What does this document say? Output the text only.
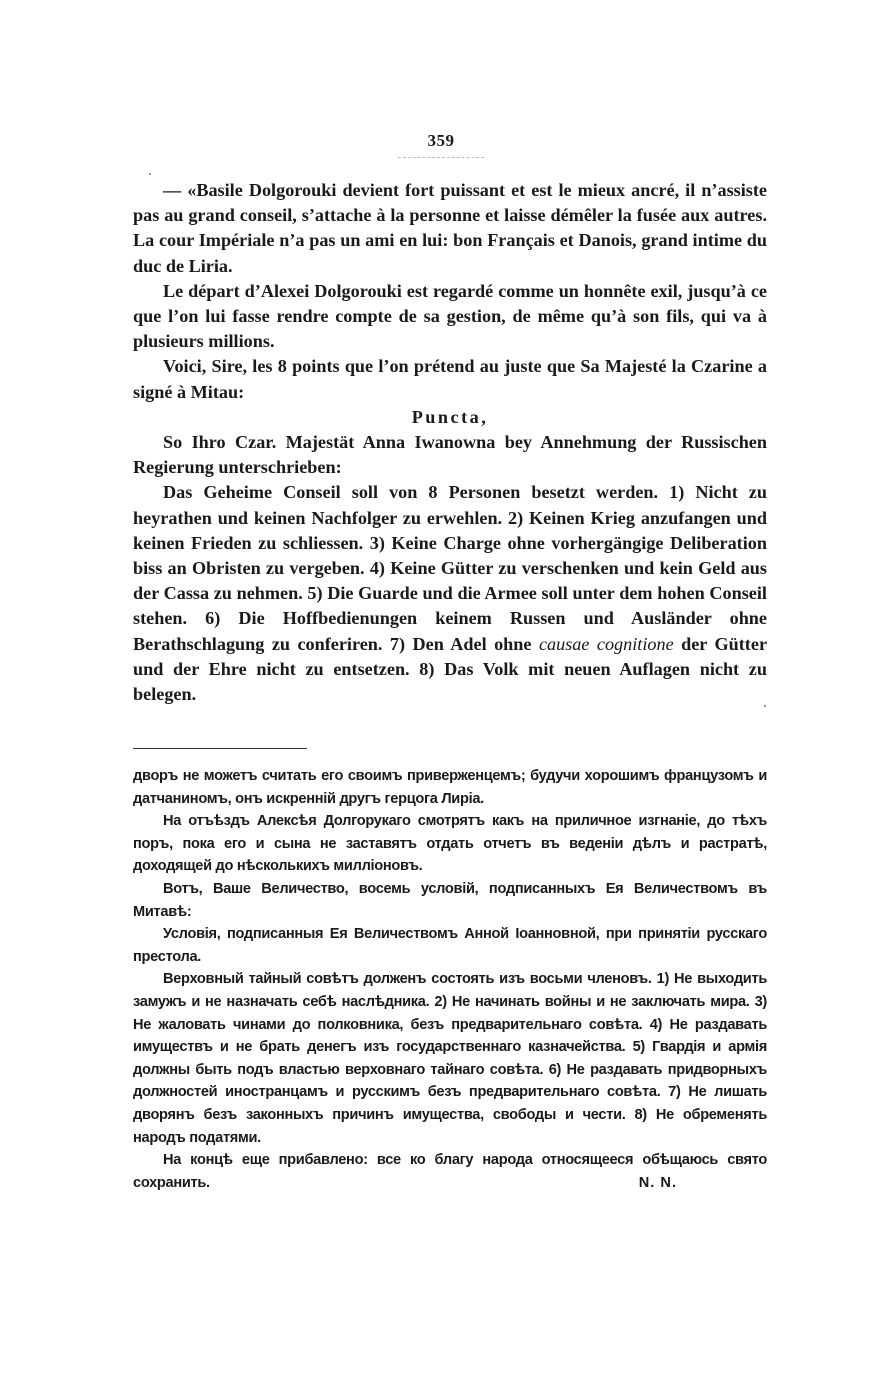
359

— «Basile Dolgorouki devient fort puissant et est le mieux ancré, il n’assiste pas au grand conseil, s’attache à la personne et laisse démêler la fusée aux autres. La cour Impériale n’a pas un ami en lui: bon Français et Danois, grand intime du duc de Liria.

Le départ d’Alexei Dolgorouki est regardé comme un honnête exil, jusqu’à ce que l’on lui fasse rendre compte de sa gestion, de même qu’à son fils, qui va à plusieurs millions.

Voici, Sire, les 8 points que l’on prétend au juste que Sa Majesté la Czarine a signé à Mitau:

Puncta,

So Ihro Czar. Majestät Anna Iwanowna bey Annehmung der Russischen Regierung unterschrieben:

Das Geheime Conseil soll von 8 Personen besetzt werden. 1) Nicht zu heyrathen und keinen Nachfolger zu erwehlen. 2) Keinen Krieg anzufangen und keinen Frieden zu schliessen. 3) Keine Charge ohne vorhergängige Deliberation biss an Obristen zu vergeben. 4) Keine Gütter zu verschenken und kein Geld aus der Cassa zu nehmen. 5) Die Guarde und die Armee soll unter dem hohen Conseil stehen. 6) Die Hoffbedienungen keinem Russen und Ausländer ohne Berathschlagung zu conferiren. 7) Den Adel ohne causae cognitione der Gütter und der Ehre nicht zu entsetzen. 8) Das Volk mit neuen Auflagen nicht zu belegen.

дворъ не можетъ считать его своимъ приверженцемъ; будучи хорошимъ французомъ и датчаниномъ, онъ искренній другъ герцога Лиріа.

На отъѣздъ Алексѣя Долгорукаго смотрятъ какъ на приличное изгнаніе, до тѣхъ поръ, пока его и сына не заставятъ отдать отчетъ въ веденіи дѣлъ и растратѣ, доходящей до нѣсколькихъ милліоновъ.

Вотъ, Ваше Величество, восемь условій, подписанныхъ Ея Величествомъ въ Митавѣ:

Условія, подписанныя Ея Величествомъ Анной Іоанновной, при принятіи русскаго престола.

Верховный тайный совѣтъ долженъ состоять изъ восьми членовъ. 1) Не выходить замужъ и не назначать себѣ наслѣдника. 2) Не начинать войны и не заключать мира. 3) Не жаловать чинами до полковника, безъ предварительнаго совѣта. 4) Не раздавать имуществъ и не брать денегъ изъ государственнаго казначейства. 5) Гвардія и армія должны быть подъ властью верховнаго тайнаго совѣта. 6) Не раздавать придворныхъ должностей иностранцамъ и русскимъ безъ предварительнаго совѣта. 7) Не лишать дворянъ безъ законныхъ причинъ имущества, свободы и чести. 8) Не обременять народъ податями.

На концѣ еще прибавлено: все ко благу народа относящееся обѣщаюсь свято сохранить.	N. N.
